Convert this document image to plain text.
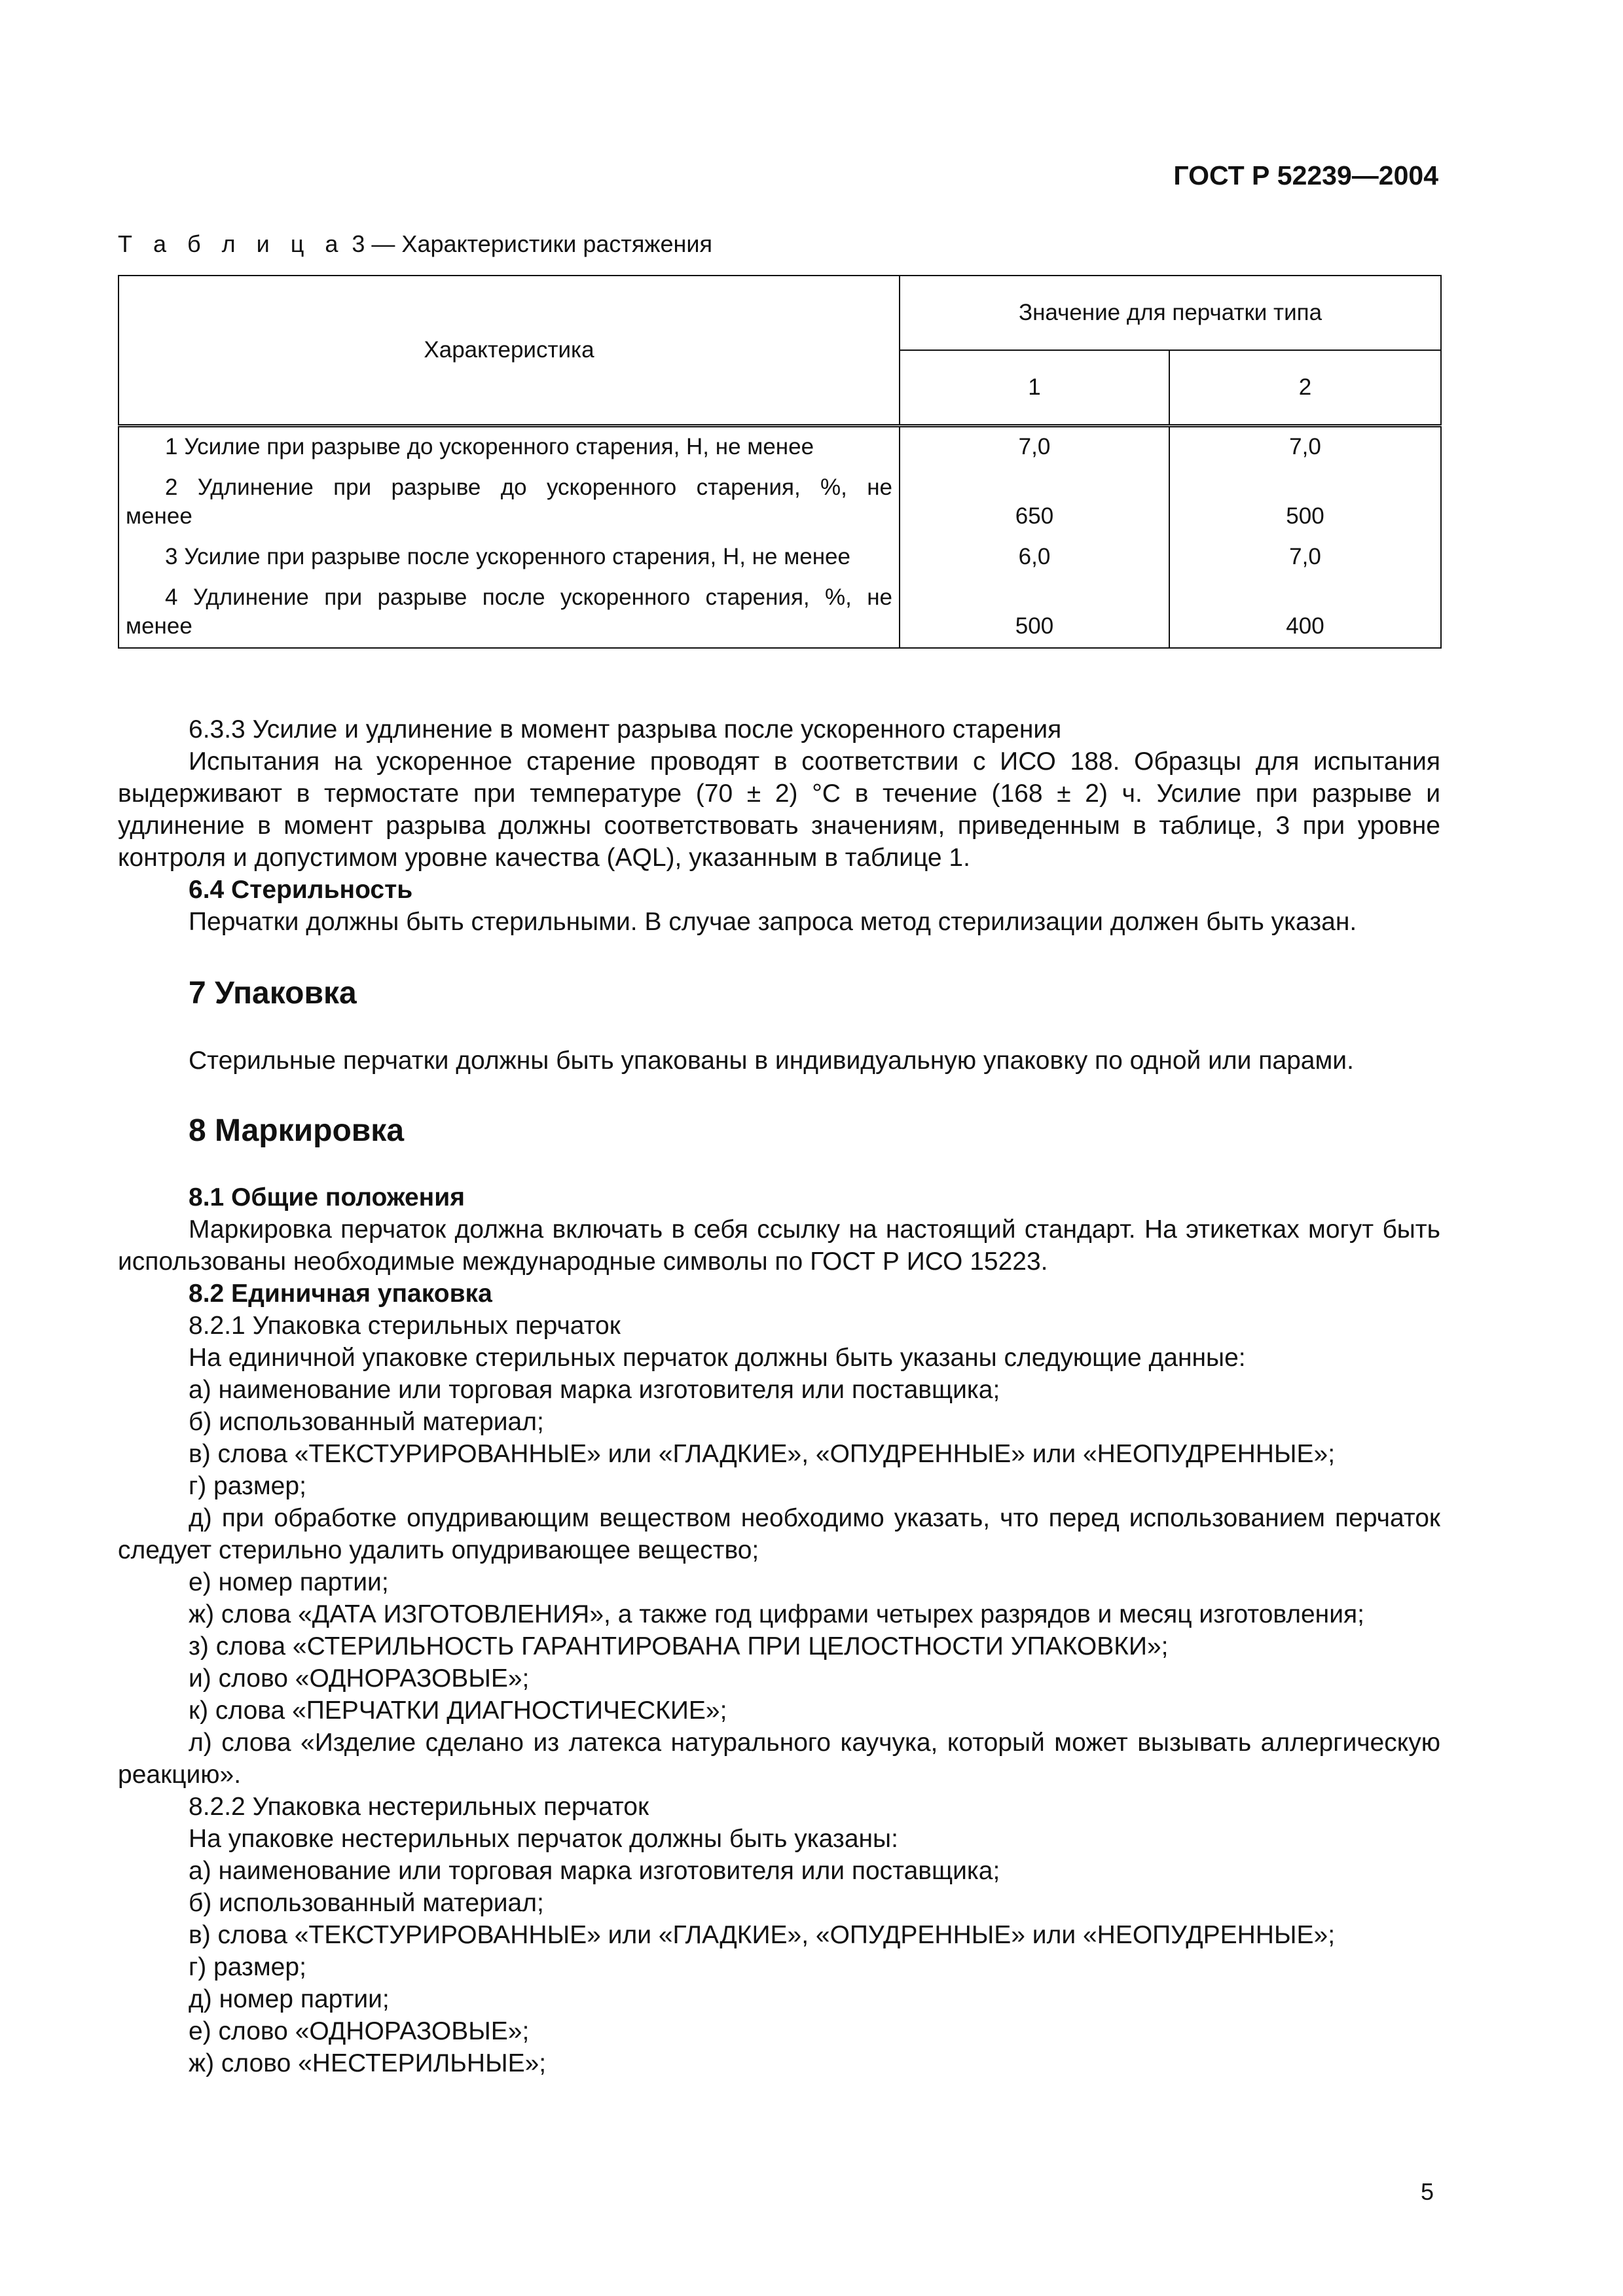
ГОСТ Р 52239—2004
Т а б л и ц а 3 — Характеристики растяжения
Характеристика	Значение для перчатки типа	
	1	2
1 Усилие при разрыве до ускоренного старения, Н, не менее	7,0	7,0

2 Удлинение при разрыве до ускоренного старения, %, не
менее	650	500
3 Усилие при разрыве после ускоренного старения, Н, не менее	6,0	7,0

4 Удлинение при разрыве после ускоренного старения, %, не
менее	500	400
6.3.3 Усилие и удлинение в момент разрыва после ускоренного старения
Испытания на ускоренное старение проводят в соответствии с ИСО 188. Образцы для испытания выдерживают в термостате при температуре (70 ± 2) °С в течение (168 ± 2) ч. Усилие при разрыве и удлинение в момент разрыва должны соответствовать значениям, приведенным в таблице, 3 при уровне контроля и допустимом уровне качества (AQL), указанным в таблице 1.
6.4 Стерильность
Перчатки должны быть стерильными. В случае запроса метод стерилизации должен быть указан.
7 Упаковка
Стерильные перчатки должны быть упакованы в индивидуальную упаковку по одной или парами.
8 Маркировка
8.1 Общие положения
Маркировка перчаток должна включать в себя ссылку на настоящий стандарт. На этикетках могут быть использованы необходимые международные символы по ГОСТ Р ИСО 15223.
8.2 Единичная упаковка
8.2.1 Упаковка стерильных перчаток
На единичной упаковке стерильных перчаток должны быть указаны следующие данные:
а) наименование или торговая марка изготовителя или поставщика;
б) использованный материал;
в) слова «ТЕКСТУРИРОВАННЫЕ» или «ГЛАДКИЕ», «ОПУДРЕННЫЕ» или «НЕОПУДРЕННЫЕ»;
г) размер;
д) при обработке опудривающим веществом необходимо указать, что перед использованием перчаток следует стерильно удалить опудривающее вещество;
е) номер партии;
ж) слова «ДАТА ИЗГОТОВЛЕНИЯ», а также год цифрами четырех разрядов и месяц изготовления;
з) слова «СТЕРИЛЬНОСТЬ ГАРАНТИРОВАНА ПРИ ЦЕЛОСТНОСТИ УПАКОВКИ»;
и) слово «ОДНОРАЗОВЫЕ»;
к) слова «ПЕРЧАТКИ ДИАГНОСТИЧЕСКИЕ»;
л) слова «Изделие сделано из латекса натурального каучука, который может вызывать аллергическую реакцию».
8.2.2 Упаковка нестерильных перчаток
На упаковке нестерильных перчаток должны быть указаны:
а) наименование или торговая марка изготовителя или поставщика;
б) использованный материал;
в) слова «ТЕКСТУРИРОВАННЫЕ» или «ГЛАДКИЕ», «ОПУДРЕННЫЕ» или «НЕОПУДРЕННЫЕ»;
г) размер;
д) номер партии;
е) слово «ОДНОРАЗОВЫЕ»;
ж) слово «НЕСТЕРИЛЬНЫЕ»;
5
